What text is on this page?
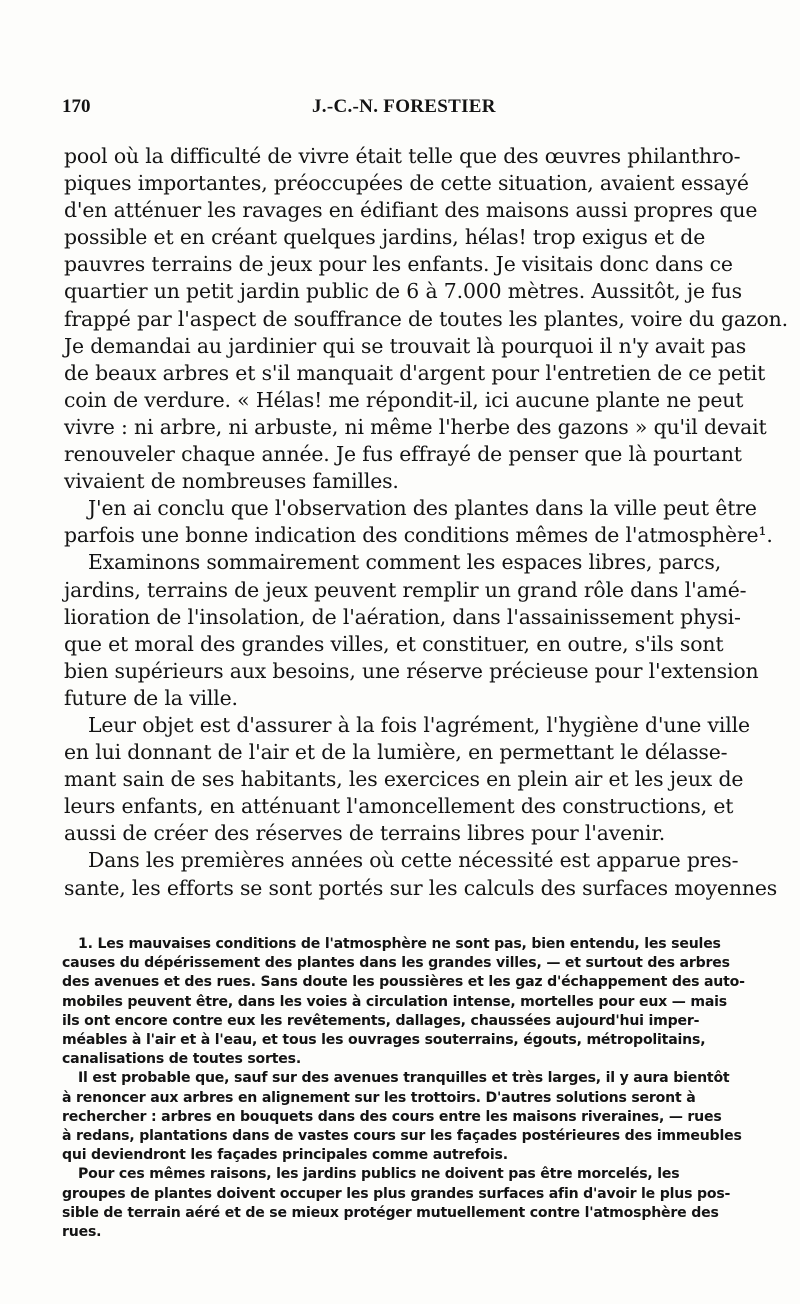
170	J.-C.-N. FORESTIER
pool où la difficulté de vivre était telle que des œuvres philanthro-
piques importantes, préoccupées de cette situation, avaient essayé
d'en atténuer les ravages en édifiant des maisons aussi propres que
possible et en créant quelques jardins, hélas! trop exigus et de
pauvres terrains de jeux pour les enfants. Je visitais donc dans ce
quartier un petit jardin public de 6 à 7.000 mètres. Aussitôt, je fus
frappé par l'aspect de souffrance de toutes les plantes, voire du gazon.
Je demandai au jardinier qui se trouvait là pourquoi il n'y avait pas
de beaux arbres et s'il manquait d'argent pour l'entretien de ce petit
coin de verdure. « Hélas! me répondit-il, ici aucune plante ne peut
vivre : ni arbre, ni arbuste, ni même l'herbe des gazons » qu'il devait
renouveler chaque année. Je fus effrayé de penser que là pourtant
vivaient de nombreuses familles.
J'en ai conclu que l'observation des plantes dans la ville peut être
parfois une bonne indication des conditions mêmes de l'atmosphère¹.
Examinons sommairement comment les espaces libres, parcs,
jardins, terrains de jeux peuvent remplir un grand rôle dans l'amé-
lioration de l'insolation, de l'aération, dans l'assainissement physi-
que et moral des grandes villes, et constituer, en outre, s'ils sont
bien supérieurs aux besoins, une réserve précieuse pour l'extension
future de la ville.
Leur objet est d'assurer à la fois l'agrément, l'hygiène d'une ville
en lui donnant de l'air et de la lumière, en permettant le délasse-
mant sain de ses habitants, les exercices en plein air et les jeux de
leurs enfants, en atténuant l'amoncellement des constructions, et
aussi de créer des réserves de terrains libres pour l'avenir.
Dans les premières années où cette nécessité est apparue pres-
sante, les efforts se sont portés sur les calculs des surfaces moyennes
1. Les mauvaises conditions de l'atmosphère ne sont pas, bien entendu, les seules
causes du dépérissement des plantes dans les grandes villes, — et surtout des arbres
des avenues et des rues. Sans doute les poussières et les gaz d'échappement des auto-
mobiles peuvent être, dans les voies à circulation intense, mortelles pour eux — mais
ils ont encore contre eux les revêtements, dallages, chaussées aujourd'hui imper-
méables à l'air et à l'eau, et tous les ouvrages souterrains, égouts, métropolitains,
canalisations de toutes sortes.
Il est probable que, sauf sur des avenues tranquilles et très larges, il y aura bientôt
à renoncer aux arbres en alignement sur les trottoirs. D'autres solutions seront à
rechercher : arbres en bouquets dans des cours entre les maisons riveraines, — rues
à redans, plantations dans de vastes cours sur les façades postérieures des immeubles
qui deviendront les façades principales comme autrefois.
Pour ces mêmes raisons, les jardins publics ne doivent pas être morcelés, les
groupes de plantes doivent occuper les plus grandes surfaces afin d'avoir le plus pos-
sible de terrain aéré et de se mieux protéger mutuellement contre l'atmosphère des
rues.
